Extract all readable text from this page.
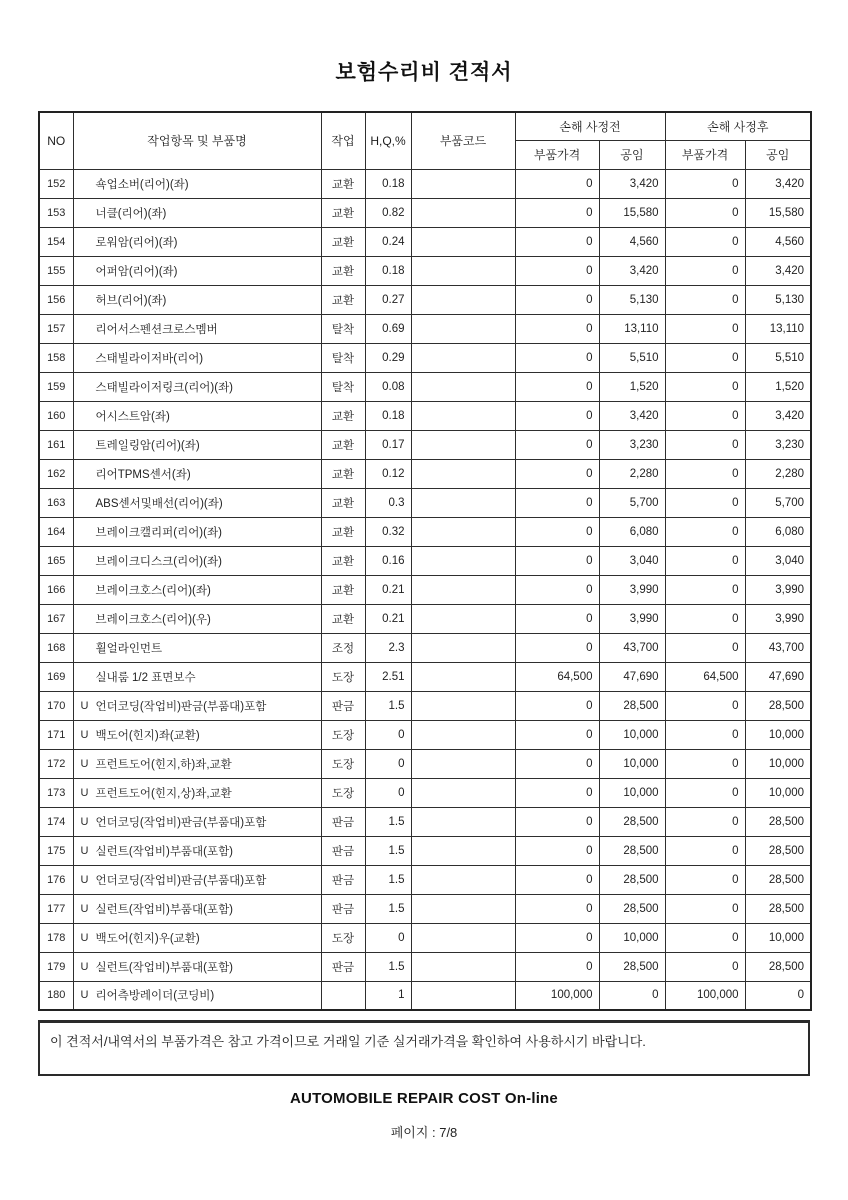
보험수리비 견적서
NO	작업항목 및 부품명	작업	H,Q,%	부품코드	손해 사정전		손해 사정후	
					부품가격	공임	부품가격	공임
152	쇽업소버(리어)(좌)	교환	0.18		0	3,420	0	3,420
153	너클(리어)(좌)	교환	0.82		0	15,580	0	15,580
154	로워암(리어)(좌)	교환	0.24		0	4,560	0	4,560
155	어퍼암(리어)(좌)	교환	0.18		0	3,420	0	3,420
156	허브(리어)(좌)	교환	0.27		0	5,130	0	5,130
157	리어서스펜션크로스멤버	탈착	0.69		0	13,110	0	13,110
158	스태빌라이저바(리어)	탈착	0.29		0	5,510	0	5,510
159	스태빌라이저링크(리어)(좌)	탈착	0.08		0	1,520	0	1,520
160	어시스트암(좌)	교환	0.18		0	3,420	0	3,420
161	트레일링암(리어)(좌)	교환	0.17		0	3,230	0	3,230
162	리어TPMS센서(좌)	교환	0.12		0	2,280	0	2,280
163	ABS센서및배선(리어)(좌)	교환	0.3		0	5,700	0	5,700
164	브레이크캘리퍼(리어)(좌)	교환	0.32		0	6,080	0	6,080
165	브레이크디스크(리어)(좌)	교환	0.16		0	3,040	0	3,040
166	브레이크호스(리어)(좌)	교환	0.21		0	3,990	0	3,990
167	브레이크호스(리어)(우)	교환	0.21		0	3,990	0	3,990
168	휠얼라인먼트	조정	2.3		0	43,700	0	43,700
169	실내룸 1/2 표면보수	도장	2.51		64,500	47,690	64,500	47,690
170	U 언더코딩(작업비)판금(부품대)포함	판금	1.5		0	28,500	0	28,500
171	U 백도어(힌지)좌(교환)	도장	0		0	10,000	0	10,000
172	U 프런트도어(힌지,하)좌,교환	도장	0		0	10,000	0	10,000
173	U 프런트도어(힌지,상)좌,교환	도장	0		0	10,000	0	10,000
174	U 언더코딩(작업비)판금(부품대)포함	판금	1.5		0	28,500	0	28,500
175	U 실런트(작업비)부품대(포함)	판금	1.5		0	28,500	0	28,500
176	U 언더코딩(작업비)판금(부품대)포함	판금	1.5		0	28,500	0	28,500
177	U 실런트(작업비)부품대(포함)	판금	1.5		0	28,500	0	28,500
178	U 백도어(힌지)우(교환)	도장	0		0	10,000	0	10,000
179	U 실런트(작업비)부품대(포함)	판금	1.5		0	28,500	0	28,500
180	U 리어측방레이더(코딩비)		1		100,000	0	100,000	0
이 견적서/내역서의 부품가격은 참고 가격이므로 거래일 기준 실거래가격을 확인하여 사용하시기 바랍니다.
AUTOMOBILE REPAIR COST On-line
페이지 : 7/8
